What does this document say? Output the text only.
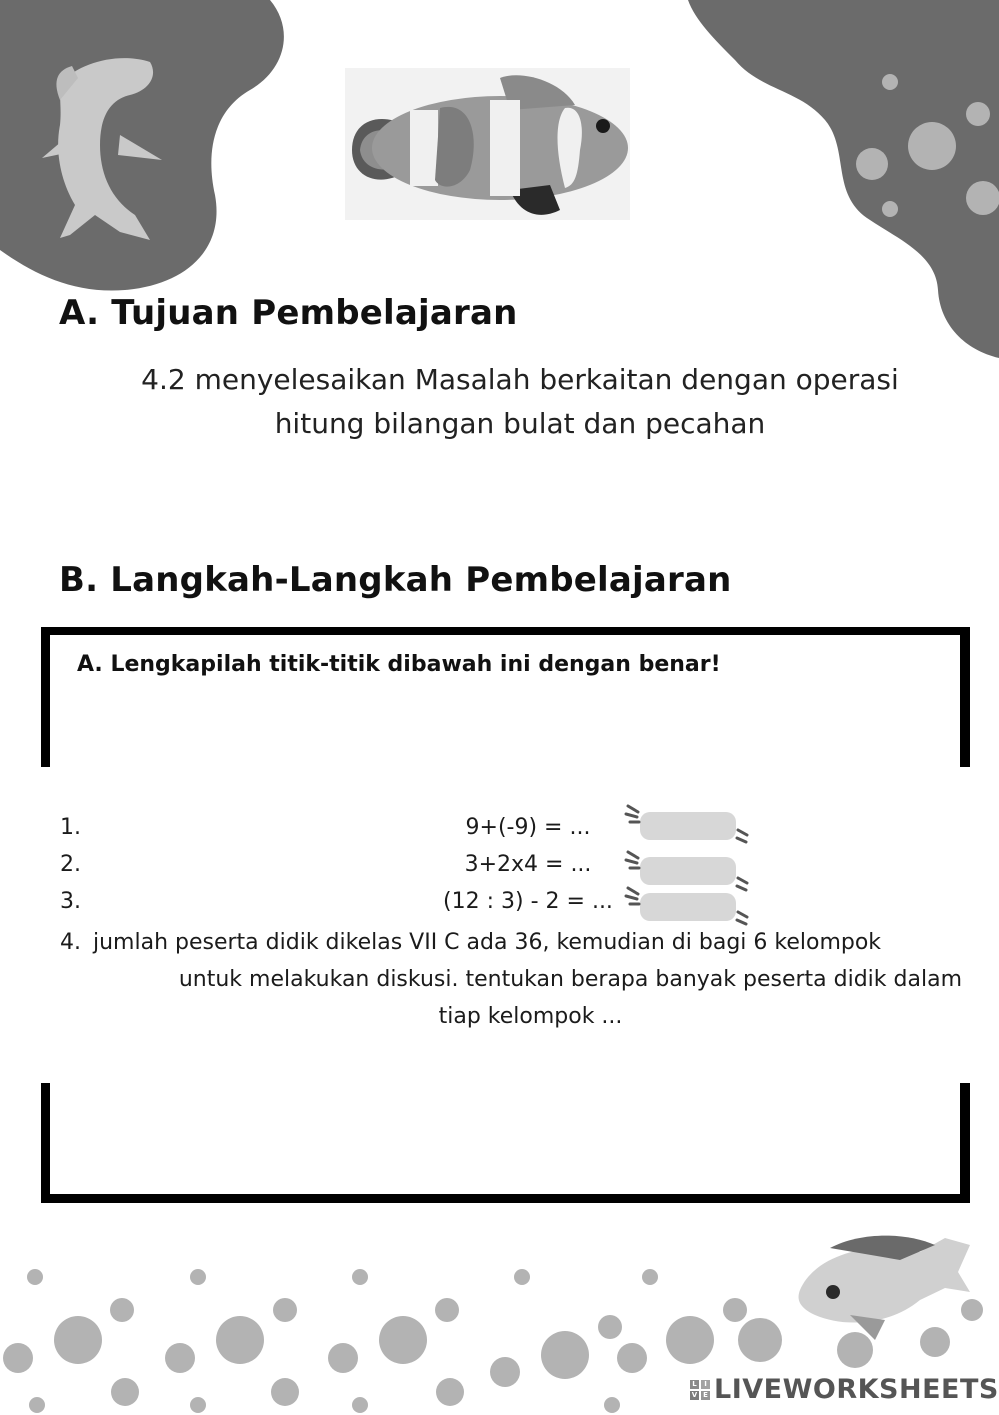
A. Tujuan Pembelajaran
4.2 menyelesaikan Masalah berkaitan dengan operasi
hitung bilangan bulat dan pecahan
B. Langkah-Langkah Pembelajaran
A. Lengkapilah titik-titik dibawah ini dengan benar!
1.	9+(-9) = ...
2.	3+2x4 = ...
3.	(12 : 3) - 2 = ...
4. jumlah peserta didik dikelas VII C ada 36, kemudian di bagi 6 kelompok
untuk melakukan diskusi. tentukan berapa banyak peserta didik dalam
tiap kelompok ...
L	I
V E LIVEWORKSHEETS
